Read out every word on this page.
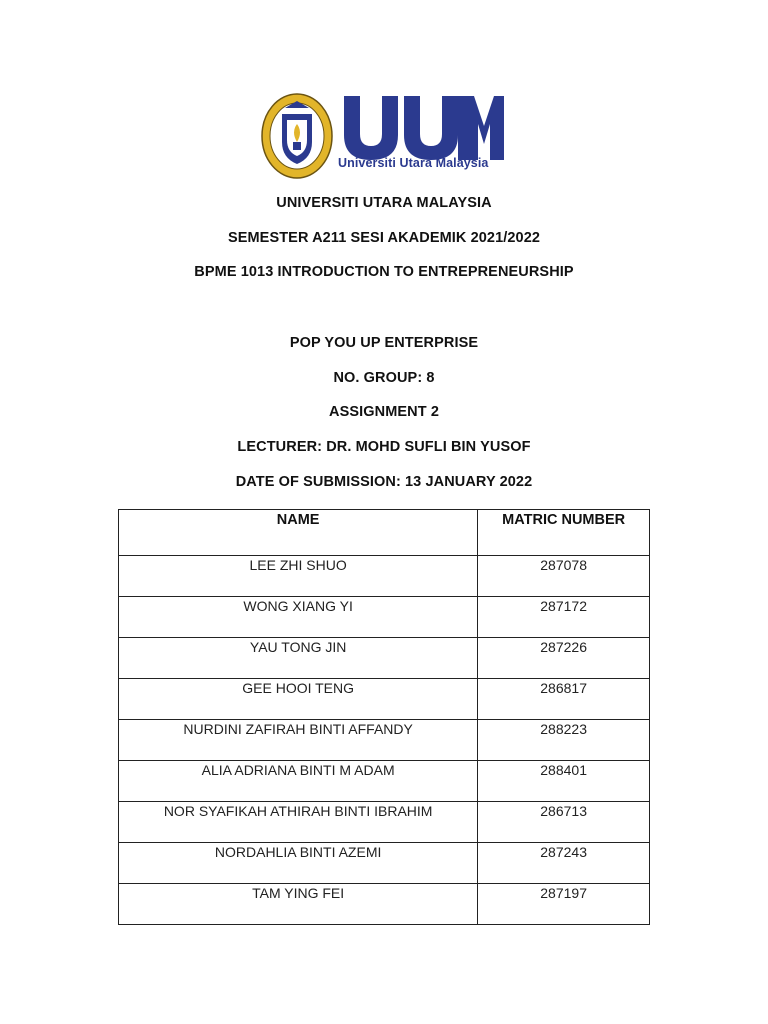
Universiti Utara Malaysia
UNIVERSITI UTARA MALAYSIA
SEMESTER A211 SESI AKADEMIK 2021/2022
BPME 1013 INTRODUCTION TO ENTREPRENEURSHIP
POP YOU UP ENTERPRISE
NO. GROUP: 8
ASSIGNMENT 2
LECTURER: DR. MOHD SUFLI BIN YUSOF
DATE OF SUBMISSION: 13 JANUARY 2022
NAME	MATRIC NUMBER
LEE ZHI SHUO	287078
WONG XIANG YI	287172
YAU TONG JIN	287226
GEE HOOI TENG	286817
NURDINI ZAFIRAH BINTI AFFANDY	288223
ALIA ADRIANA BINTI M ADAM	288401
NOR SYAFIKAH ATHIRAH BINTI IBRAHIM	286713
NORDAHLIA BINTI AZEMI	287243
TAM YING FEI	287197
